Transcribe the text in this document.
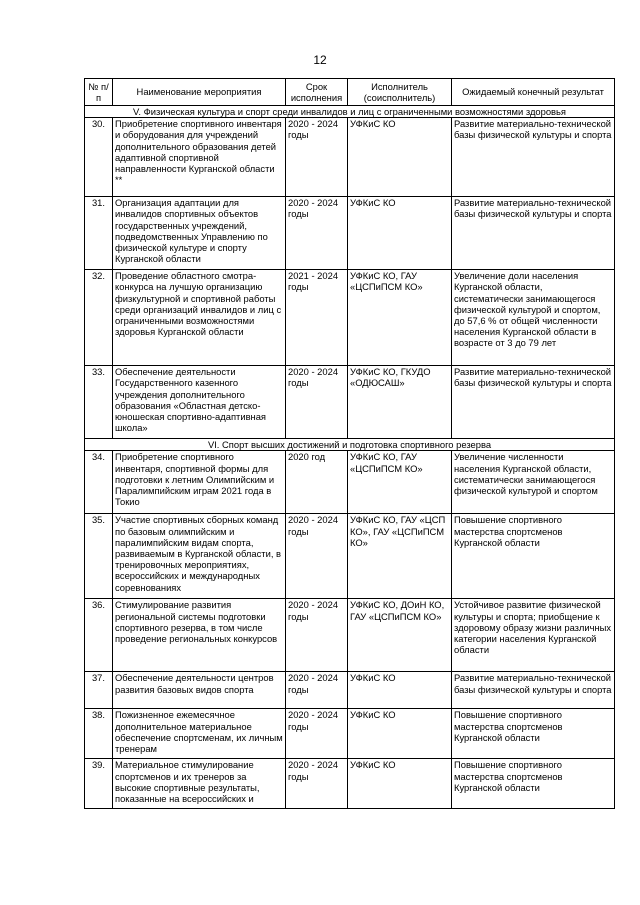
12
№ п/п	Наименование мероприятия	Срок исполнения	Исполнитель (соисполнитель)	Ожидаемый конечный результат
V. Физическая культура и спорт среди инвалидов и лиц с ограниченными возможностями здоровья				
30.	Приобретение спортивного инвентаря и оборудования для учреждений дополнительного образования детей адаптивной спортивной направленности Курганской области **	2020 - 2024 годы	УФКиС КО	Развитие материально-технической базы физической культуры и спорта
31.	Организация адаптации для инвалидов спортивных объектов государственных учреждений, подведомственных Управлению по физической культуре и спорту Курганской области	2020 - 2024 годы	УФКиС КО	Развитие материально-технической базы физической культуры и спорта
32.	Проведение областного смотра-конкурса на лучшую организацию физкультурной и спортивной работы среди организаций инвалидов и лиц с ограниченными возможностями здоровья Курганской области	2021 - 2024 годы	УФКиС КО, ГАУ «ЦСПиПСМ КО»	Увеличение доли населения Курганской области, систематически занимающегося физической культурой и спортом, до 57,6 % от общей численности населения Курганской области в возрасте от 3 до 79 лет
33.	Обеспечение деятельности Государственного казенного учреждения дополнительного образования «Областная детско-юношеская спортивно-адаптивная школа»	2020 - 2024 годы	УФКиС КО, ГКУДО «ОДЮСАШ»	Развитие материально-технической базы физической культуры и спорта
VI. Спорт высших достижений и подготовка спортивного резерва				
34.	Приобретение спортивного инвентаря, спортивной формы для подготовки к летним Олимпийским и Паралимпийским играм 2021 года в Токио	2020 год	УФКиС КО, ГАУ «ЦСПиПСМ КО»	Увеличение численности населения Курганской области, систематически занимающегося физической культурой и спортом
35.	Участие спортивных сборных команд по базовым олимпийским и паралимпийским видам спорта, развиваемым в Курганской области, в тренировочных мероприятиях, всероссийских и международных соревнованиях	2020 - 2024 годы	УФКиС КО, ГАУ «ЦСП КО», ГАУ «ЦСПиПСМ КО»	Повышение спортивного мастерства спортсменов Курганской области
36.	Стимулирование развития региональной системы подготовки спортивного резерва, в том числе проведение региональных конкурсов	2020 - 2024 годы	УФКиС КО, ДОиН КО, ГАУ «ЦСПиПСМ КО»	Устойчивое развитие физической культуры и спорта; приобщение к здоровому образу жизни различных категории населения Курганской области
37.	Обеспечение деятельности центров развития базовых видов спорта	2020 - 2024 годы	УФКиС КО	Развитие материально-технической базы физической культуры и спорта
38.	Пожизненное ежемесячное дополнительное материальное обеспечение спортсменам, их личным тренерам	2020 - 2024 годы	УФКиС КО	Повышение спортивного мастерства спортсменов Курганской области
39.	Материальное стимулирование спортсменов и их тренеров за высокие спортивные результаты, показанные на всероссийских и	2020 - 2024 годы	УФКиС КО	Повышение спортивного мастерства спортсменов Курганской области
